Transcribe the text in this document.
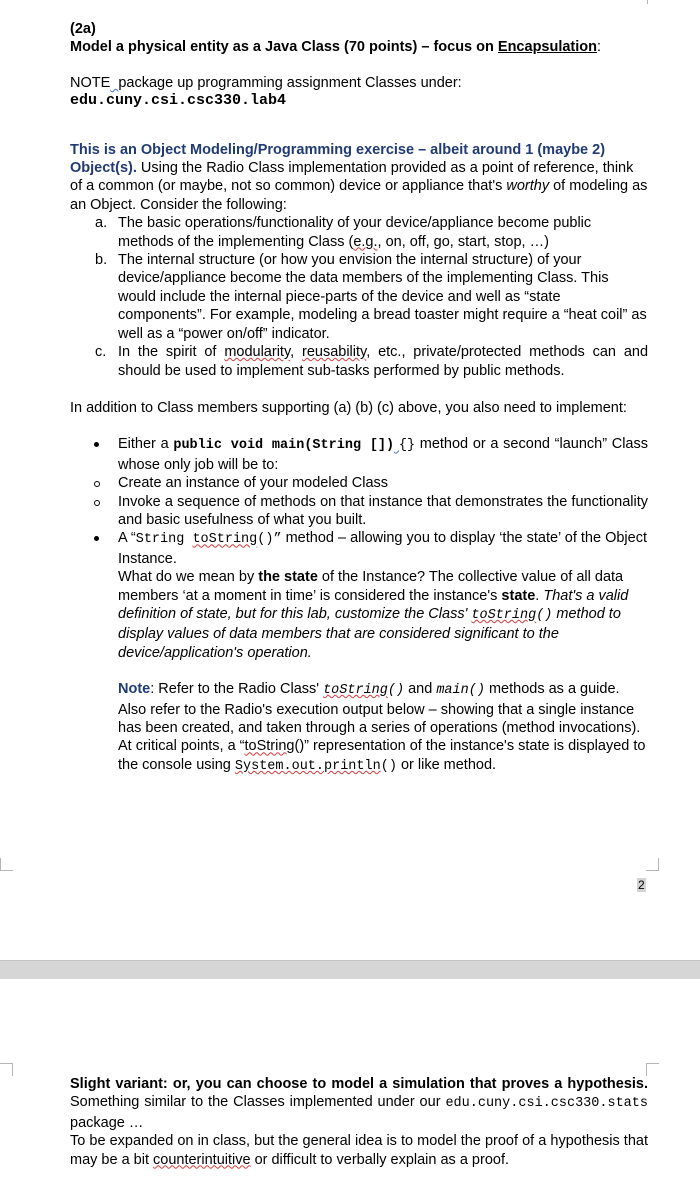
(2a)

Model a physical entity as a Java Class (70 points) – focus on Encapsulation:

NOTE package up programming assignment Classes under:

edu.cuny.csi.csc330.lab4

This is an Object Modeling/Programming exercise – albeit around 1 (maybe 2) Object(s). Using the Radio Class implementation provided as a point of reference, think of a common (or maybe, not so common) device or appliance that's worthy of modeling as an Object. Consider the following:

a. The basic operations/functionality of your device/appliance become public methods of the implementing Class (e.g., on, off, go, start, stop, …)
b. The internal structure (or how you envision the internal structure) of your device/appliance become the data members of the implementing Class. This would include the internal piece-parts of the device and well as “state components”. For example, modeling a bread toaster might require a “heat coil” as well as a “power on/off” indicator.
c. In the spirit of modularity, reusability, etc., private/protected methods can and should be used to implement sub-tasks performed by public methods.

In addition to Class members supporting (a) (b) (c) above, you also need to implement:

Either a public void main(String []) {} method or a second “launch” Class whose only job will be to:
Create an instance of your modeled Class
Invoke a sequence of methods on that instance that demonstrates the functionality and basic usefulness of what you built.
A “String toString()” method – allowing you to display ‘the state’ of the Object Instance.
What do we mean by the state of the Instance? The collective value of all data members ‘at a moment in time’ is considered the instance's state. That's a valid definition of state, but for this lab, customize the Class' toString() method to display values of data members that are considered significant to the device/application's operation.

Note: Refer to the Radio Class' toString() and main() methods as a guide. Also refer to the Radio's execution output below – showing that a single instance has been created, and taken through a series of operations (method invocations). At critical points, a “toString()” representation of the instance's state is displayed to the console using System.out.println() or like method.

2

Slight variant: or, you can choose to model a simulation that proves a hypothesis. Something similar to the Classes implemented under our edu.cuny.csi.csc330.stats package …

To be expanded on in class, but the general idea is to model the proof of a hypothesis that may be a bit counterintuitive or difficult to verbally explain as a proof.
